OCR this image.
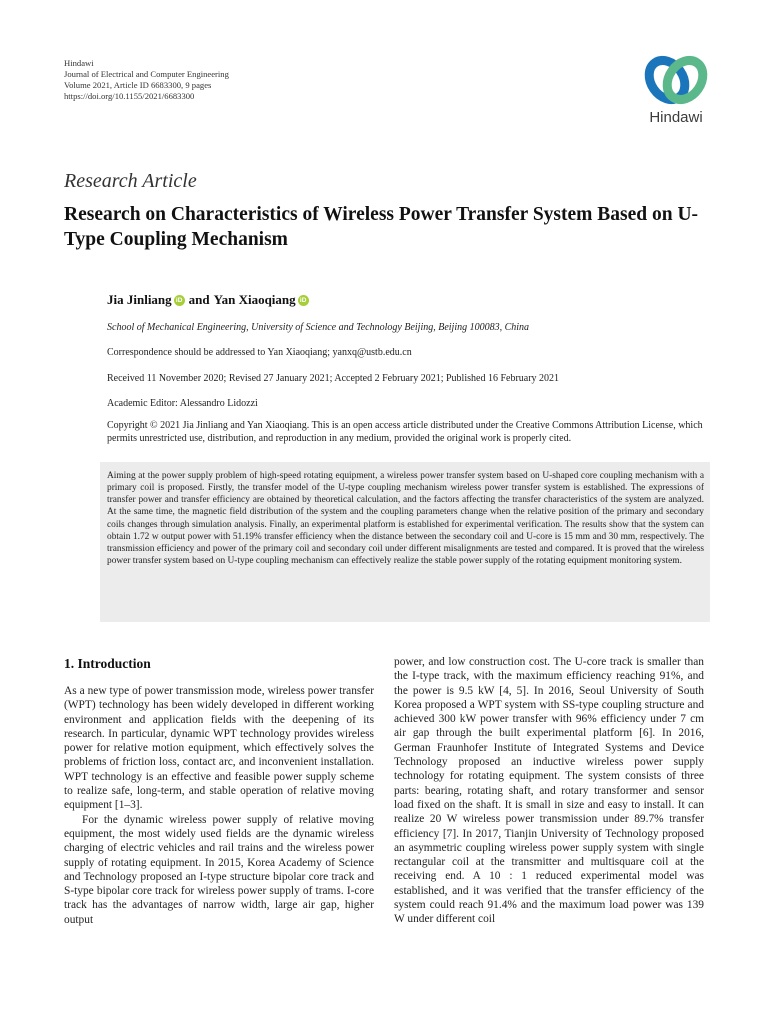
Hindawi
Journal of Electrical and Computer Engineering
Volume 2021, Article ID 6683300, 9 pages
https://doi.org/10.1155/2021/6683300
Hindawi
Research Article
Research on Characteristics of Wireless Power Transfer System Based on U-Type Coupling Mechanism
Jia Jinliang iD and Yan Xiaoqiang iD
School of Mechanical Engineering, University of Science and Technology Beijing, Beijing 100083, China
Correspondence should be addressed to Yan Xiaoqiang; yanxq@ustb.edu.cn
Received 11 November 2020; Revised 27 January 2021; Accepted 2 February 2021; Published 16 February 2021
Academic Editor: Alessandro Lidozzi
Copyright © 2021 Jia Jinliang and Yan Xiaoqiang. This is an open access article distributed under the Creative Commons Attribution License, which permits unrestricted use, distribution, and reproduction in any medium, provided the original work is properly cited.
Aiming at the power supply problem of high-speed rotating equipment, a wireless power transfer system based on U-shaped core coupling mechanism with a primary coil is proposed. Firstly, the transfer model of the U-type coupling mechanism wireless power transfer system is established. The expressions of transfer power and transfer efficiency are obtained by theoretical calculation, and the factors affecting the transfer characteristics of the system are analyzed. At the same time, the magnetic field distribution of the system and the coupling parameters change when the relative position of the primary and secondary coils changes through simulation analysis. Finally, an experimental platform is established for experimental verification. The results show that the system can obtain 1.72 w output power with 51.19% transfer efficiency when the distance between the secondary coil and U-core is 15 mm and 30 mm, respectively. The transmission efficiency and power of the primary coil and secondary coil under different misalignments are tested and compared. It is proved that the wireless power transfer system based on U-type coupling mechanism can effectively realize the stable power supply of the rotating equipment monitoring system.
1. Introduction

As a new type of power transmission mode, wireless power transfer (WPT) technology has been widely developed in different working environment and application fields with the deepening of its research. In particular, dynamic WPT technology provides wireless power for relative motion equipment, which effectively solves the problems of friction loss, contact arc, and inconvenient installation. WPT technology is an effective and feasible power supply scheme to realize safe, long-term, and stable operation of relative moving equipment [1–3].

For the dynamic wireless power supply of relative moving equipment, the most widely used fields are the dynamic wireless charging of electric vehicles and rail trains and the wireless power supply of rotating equipment. In 2015, Korea Academy of Science and Technology proposed an I-type structure bipolar core track and S-type bipolar core track for wireless power supply of trams. I-core track has the advantages of narrow width, large air gap, higher output

power, and low construction cost. The U-core track is smaller than the I-type track, with the maximum efficiency reaching 91%, and the power is 9.5 kW [4, 5]. In 2016, Seoul University of South Korea proposed a WPT system with SS-type coupling structure and achieved 300 kW power transfer with 96% efficiency under 7 cm air gap through the built experimental platform [6]. In 2016, German Fraunhofer Institute of Integrated Systems and Device Technology proposed an inductive wireless power supply technology for rotating equipment. The system consists of three parts: bearing, rotating shaft, and rotary transformer and sensor load fixed on the shaft. It is small in size and easy to install. It can realize 20 W wireless power transmission under 89.7% transfer efficiency [7]. In 2017, Tianjin University of Technology proposed an asymmetric coupling wireless power supply system with single rectangular coil at the transmitter and multisquare coil at the receiving end. A 10 : 1 reduced experimental model was established, and it was verified that the transfer efficiency of the system could reach 91.4% and the maximum load power was 139 W under different coil
